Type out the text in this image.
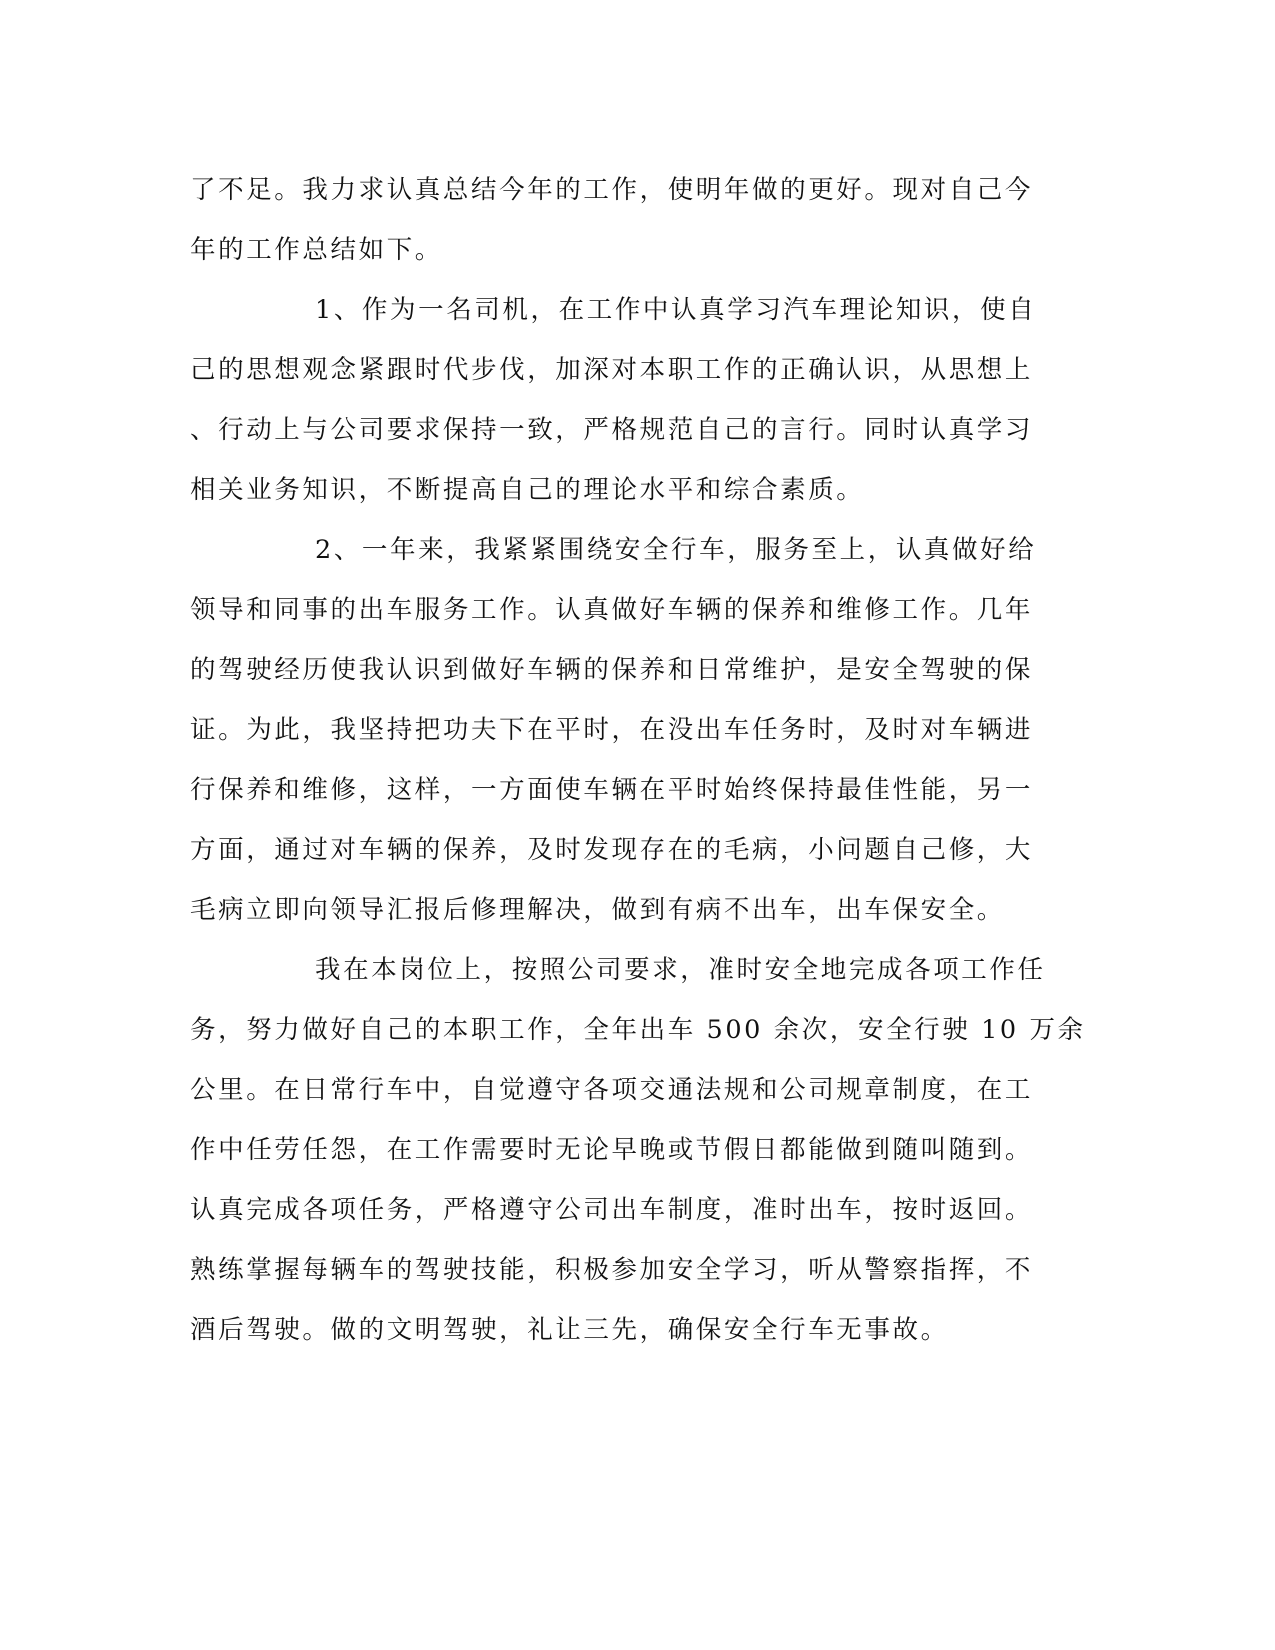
了不足。我力求认真总结今年的工作，使明年做的更好。现对自己今
年的工作总结如下。
1、作为一名司机，在工作中认真学习汽车理论知识，使自
己的思想观念紧跟时代步伐，加深对本职工作的正确认识，从思想上
、行动上与公司要求保持一致，严格规范自己的言行。同时认真学习
相关业务知识，不断提高自己的理论水平和综合素质。
2、一年来，我紧紧围绕安全行车，服务至上，认真做好给
领导和同事的出车服务工作。认真做好车辆的保养和维修工作。几年
的驾驶经历使我认识到做好车辆的保养和日常维护，是安全驾驶的保
证。为此，我坚持把功夫下在平时，在没出车任务时，及时对车辆进
行保养和维修，这样，一方面使车辆在平时始终保持最佳性能，另一
方面，通过对车辆的保养，及时发现存在的毛病，小问题自己修，大
毛病立即向领导汇报后修理解决，做到有病不出车，出车保安全。
我在本岗位上，按照公司要求，准时安全地完成各项工作任
务，努力做好自己的本职工作，全年出车 500 余次，安全行驶 10 万余
公里。在日常行车中，自觉遵守各项交通法规和公司规章制度，在工
作中任劳任怨，在工作需要时无论早晚或节假日都能做到随叫随到。
认真完成各项任务，严格遵守公司出车制度，准时出车，按时返回。
熟练掌握每辆车的驾驶技能，积极参加安全学习，听从警察指挥，不
酒后驾驶。做的文明驾驶，礼让三先，确保安全行车无事故。
